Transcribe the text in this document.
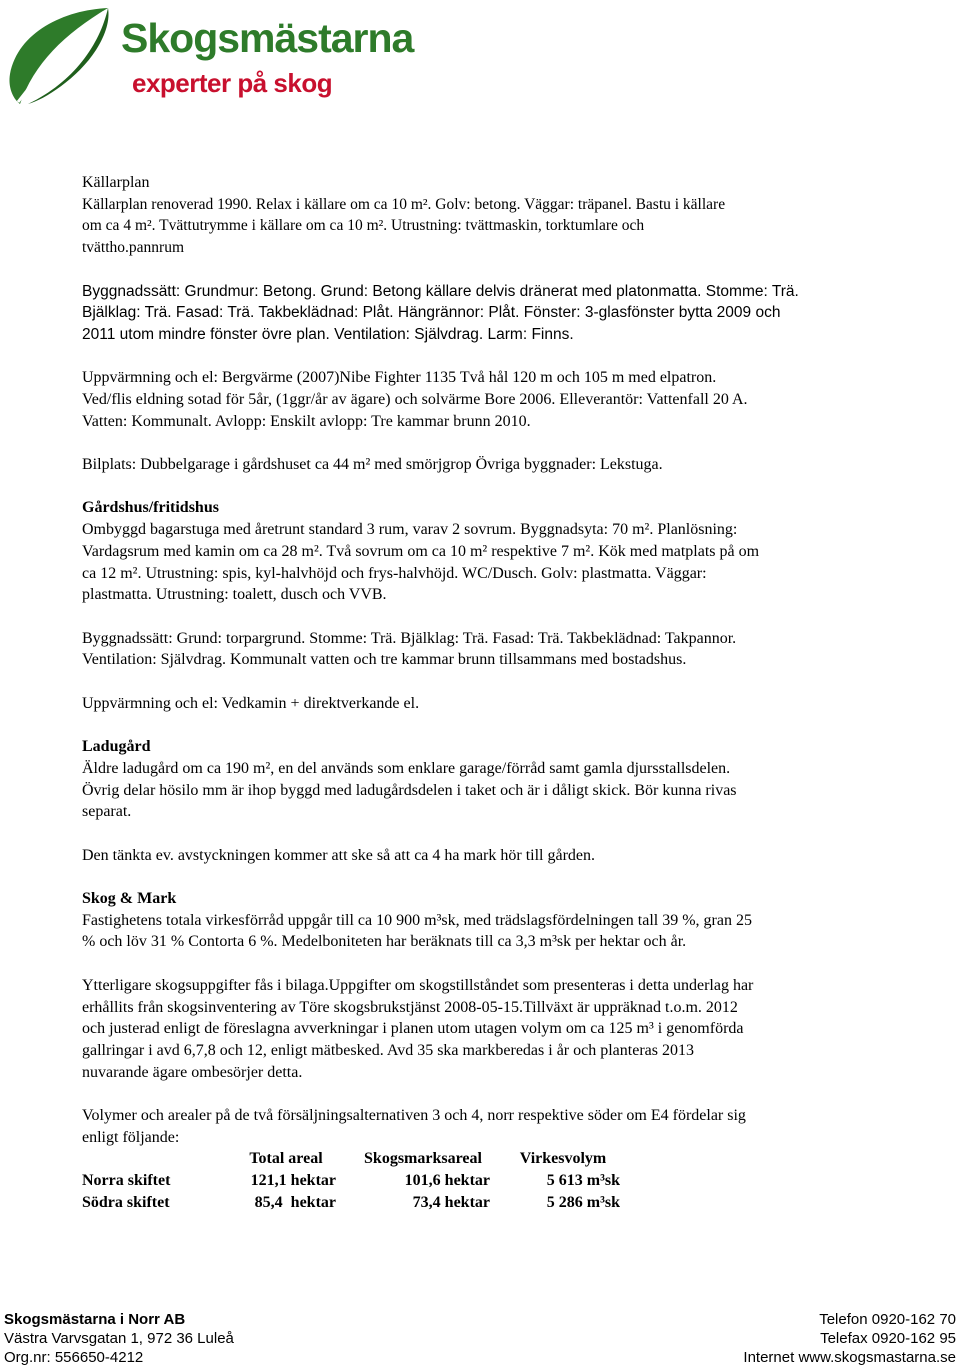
Skogsmästarna
experter på skog

Källarplan

Källarplan renoverad 1990. Relax i källare om ca 10 m². Golv: betong. Väggar: träpanel. Bastu i källare

om ca 4 m². Tvättutrymme i källare om ca 10 m². Utrustning: tvättmaskin, torktumlare och

tvättho.pannrum

Byggnadssätt: Grundmur: Betong. Grund: Betong källare delvis dränerat med platonmatta. Stomme: Trä.

Bjälklag: Trä. Fasad: Trä. Takbeklädnad: Plåt. Hängrännor: Plåt. Fönster: 3-glasfönster bytta 2009 och

2011 utom mindre fönster övre plan. Ventilation: Självdrag. Larm: Finns.

Uppvärmning och el: Bergvärme (2007)Nibe Fighter 1135 Två hål 120 m och 105 m med elpatron.

Ved/flis eldning sotad för 5år, (1ggr/år av ägare) och solvärme Bore 2006. Elleverantör: Vattenfall 20 A.

Vatten: Kommunalt. Avlopp: Enskilt avlopp: Tre kammar brunn 2010.

Bilplats: Dubbelgarage i gårdshuset ca 44 m² med smörjgrop Övriga byggnader: Lekstuga.

Gårdshus/fritidshus

Ombyggd bagarstuga med åretrunt standard 3 rum, varav 2 sovrum. Byggnadsyta: 70 m². Planlösning:

Vardagsrum med kamin om ca 28 m². Två sovrum om ca 10 m² respektive 7 m². Kök med matplats på om

ca 12 m². Utrustning: spis, kyl-halvhöjd och frys-halvhöjd. WC/Dusch. Golv: plastmatta. Väggar:

plastmatta. Utrustning: toalett, dusch och VVB.

Byggnadssätt: Grund: torpargrund. Stomme: Trä. Bjälklag: Trä. Fasad: Trä. Takbeklädnad: Takpannor.

Ventilation: Självdrag. Kommunalt vatten och tre kammar brunn tillsammans med bostadshus.

Uppvärmning och el: Vedkamin + direktverkande el.

Ladugård

Äldre ladugård om ca 190 m², en del används som enklare garage/förråd samt gamla djursstallsdelen.

Övrig delar hösilo mm är ihop byggd med ladugårdsdelen i taket och är i dåligt skick. Bör kunna rivas

separat.

Den tänkta ev. avstyckningen kommer att ske så att ca 4 ha mark hör till gården.

Skog & Mark

Fastighetens totala virkesförråd uppgår till ca 10 900 m³sk, med trädslagsfördelningen tall 39 %, gran 25

% och löv 31 % Contorta 6 %. Medelboniteten har beräknats till ca 3,3 m³sk per hektar och år.

Ytterligare skogsuppgifter fås i bilaga.Uppgifter om skogstillståndet som presenteras i detta underlag har

erhållits från skogsinventering av Töre skogsbrukstjänst 2008-05-15.Tillväxt är uppräknad t.o.m. 2012

och justerad enligt de föreslagna avverkningar i planen utom utagen volym om ca 125 m³ i genomförda

gallringar i avd 6,7,8 och 12, enligt mätbesked. Avd 35 ska markberedas i år och planteras 2013

nuvarande ägare ombesörjer detta.

Volymer och arealer på de två försäljningsalternativen 3 och 4, norr respektive söder om E4 fördelar sig

enligt följande:

	Total areal	Skogsmarksareal	Virkesvolym
Norra skiftet	121,1 hektar	101,6 hektar	5 613 m³sk
Södra skiftet	85,4  hektar	73,4 hektar	5 286 m³sk
Skogsmästarna i Norr AB
Västra Varvsgatan 1, 972 36 Luleå
Org.nr: 556650-4212
Telefon 0920-162 70
Telefax 0920-162 95
Internet www.skogsmastarna.se
